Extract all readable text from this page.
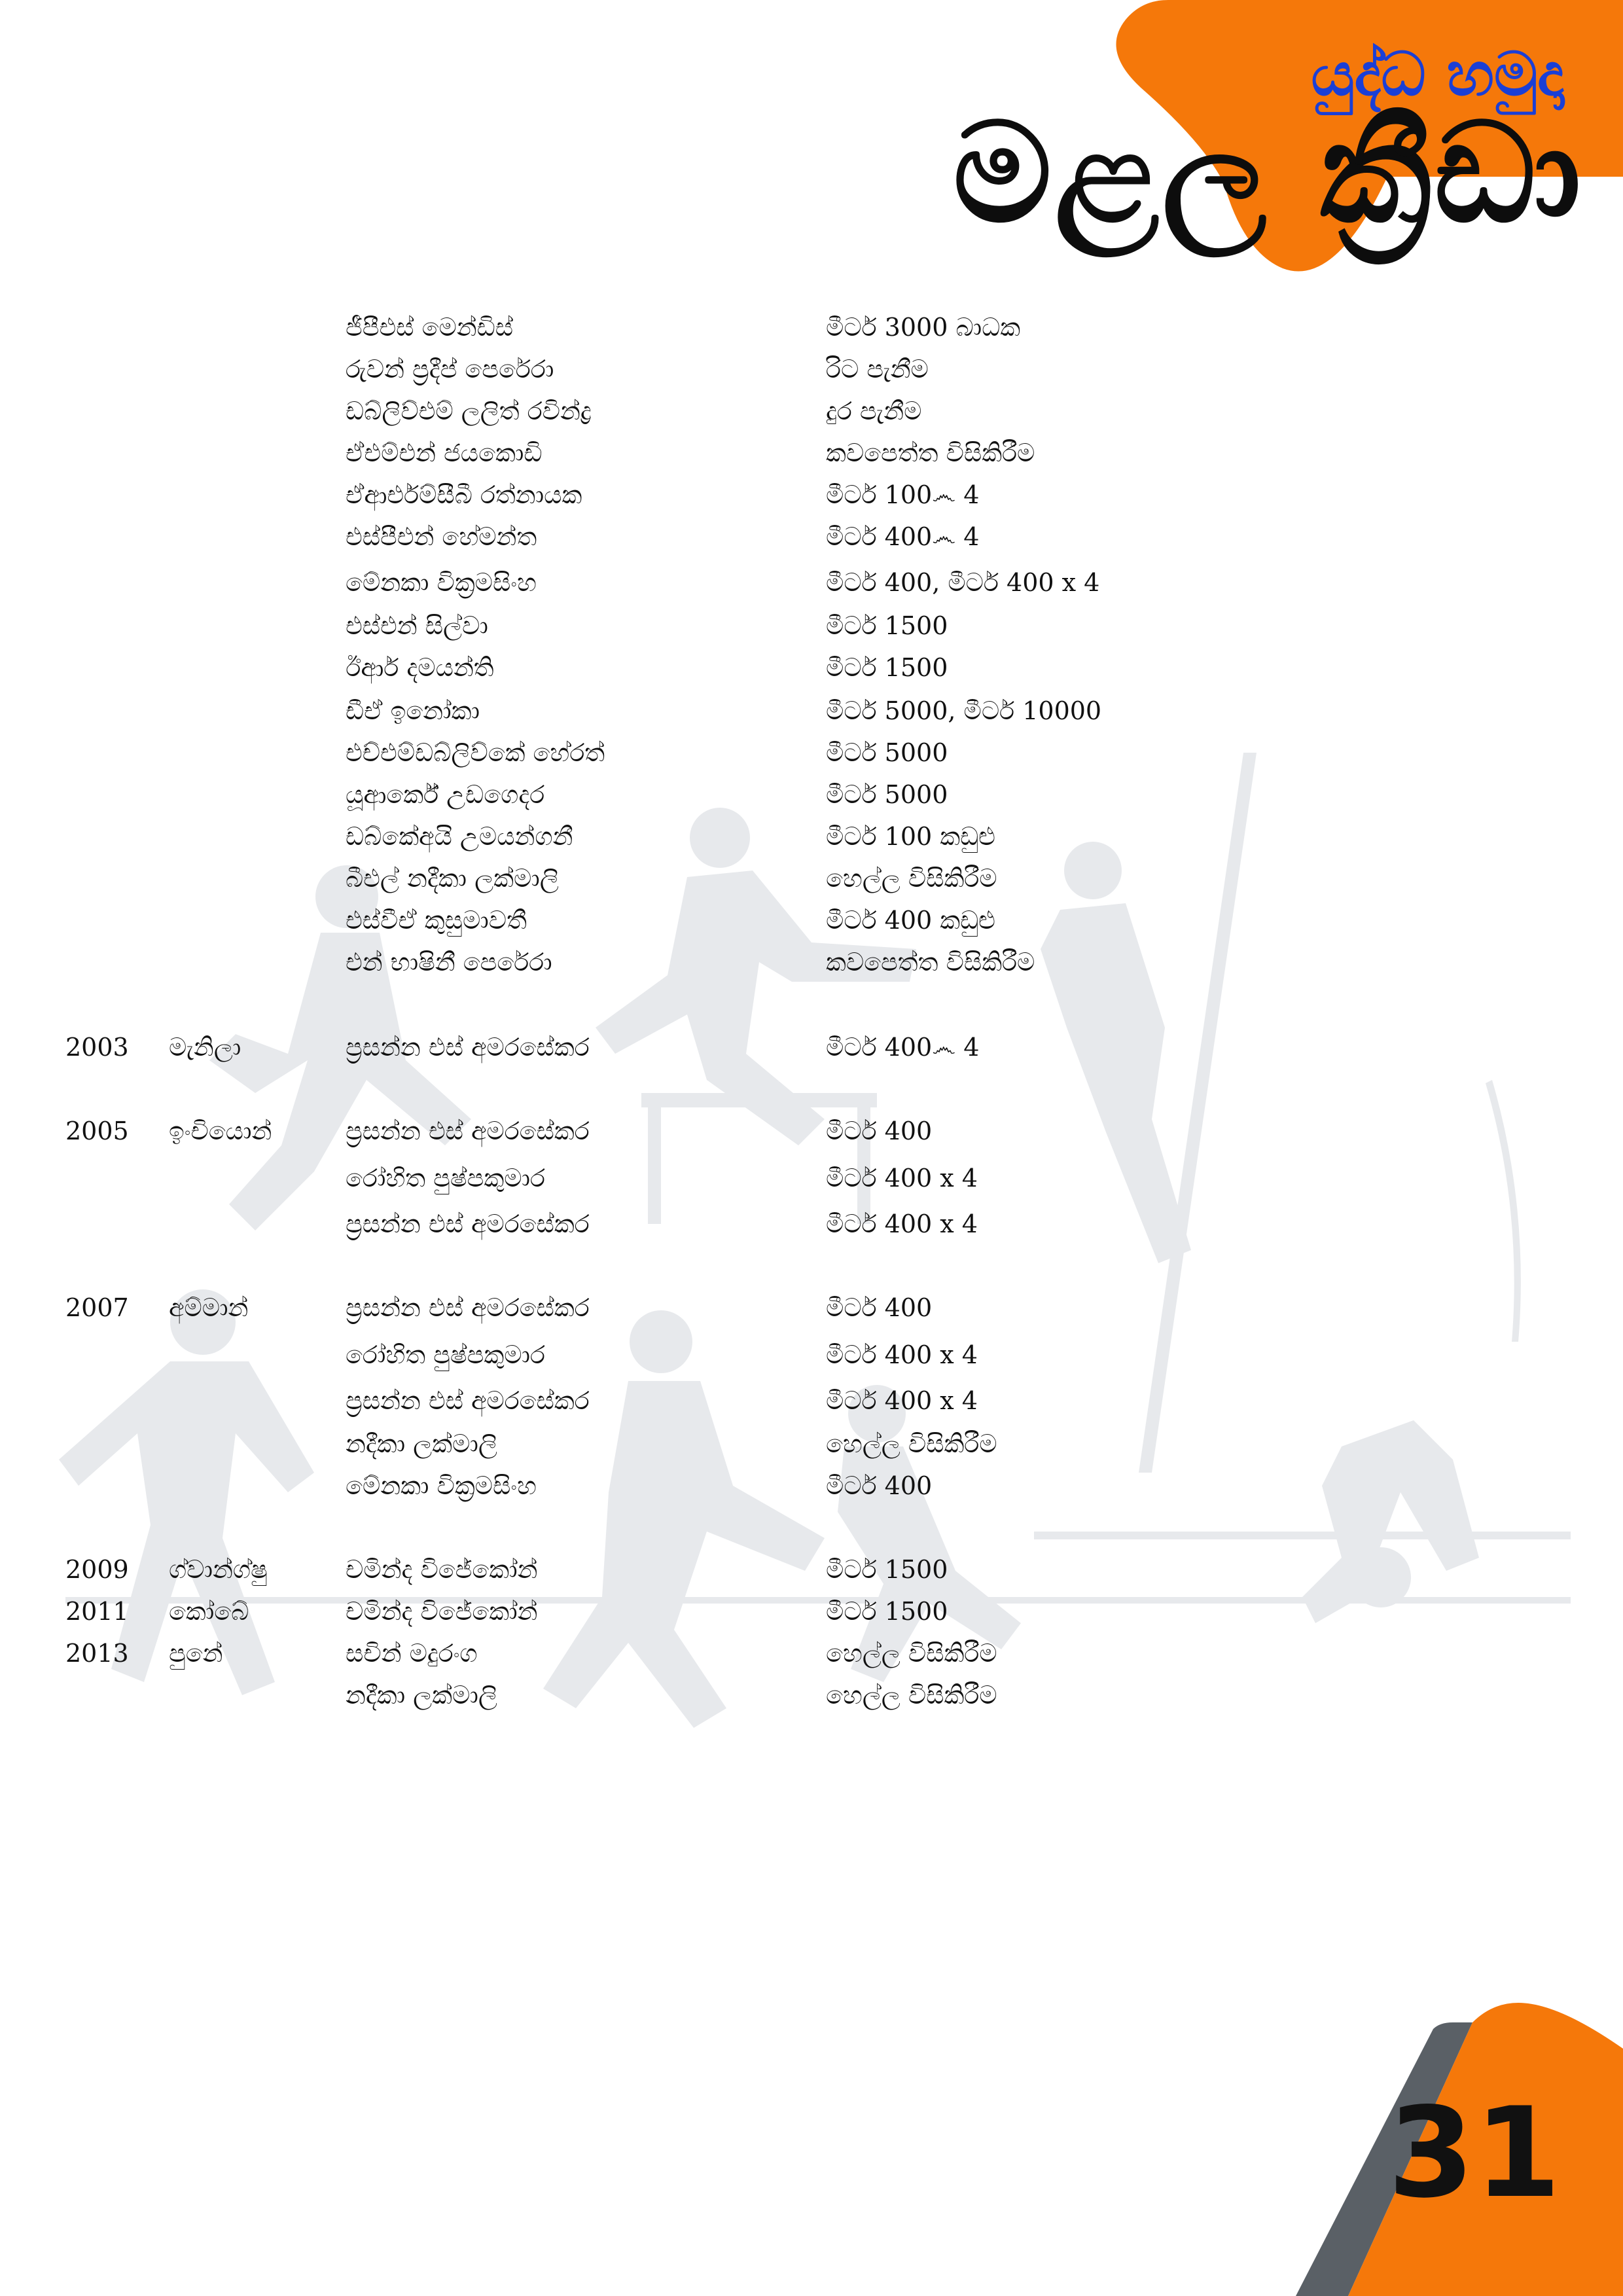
යුද්ධ හමුදා
මළල ක්‍රීඩා
ජීපීඑස් මෙන්ඩිස්	මීටර් 3000 බාධක
රුවන් ප්‍රදීප් පෙරේරා	රිට පැනීම
ඩබ්ලිව්එම් ලලිත් රවින්ද්‍ර	දුර පැනීම
ඒඑම්එන් ජයකොඩි	කවපෙත්ත විසිකිරීම
ඒආර්එම්සීබී රත්නායක	මීටර් 100෴ 4
එස්පීඑන් හේමන්ත	මීටර් 400෴ 4
මේනකා වික්‍රමසිංහ	මීටර් 400, මීටර් 400 x 4
එස්එන් සිල්වා	මීටර් 1500
ඊආර් දමයන්ති	මීටර් 1500
ඩීඒ ඉනෝකා	මීටර් 5000, මීටර් 10000
එච්එම්ඩබ්ලිව්කේ හේරත්	මීටර් 5000
යූආර්කේ උඩගෙදර	මීටර් 5000
ඩබ්කේඅයි උමයන්ගනී	මීටර් 100 කඩුළු
බීඑල් නදීකා ලක්මාලි	හෙල්ල විසිකිරීම
එස්වීඒ කුසුමාවතී	මීටර් 400 කඩුළු
එන් භාෂිනී පෙරේරා	කවපෙත්ත විසිකිරීම
2003 මැනිලා	ප්‍රසන්න එස් අමරසේකර	මීටර් 400෴ 4
2005 ඉංචියොන්	ප්‍රසන්න එස් අමරසේකර	මීටර් 400
රෝහිත පුෂ්පකුමාර	මීටර් 400 x 4
ප්‍රසන්න එස් අමරසේකර	මීටර් 400 x 4
2007 අම්මාන්	ප්‍රසන්න එස් අමරසේකර	මීටර් 400
රෝහිත පුෂ්පකුමාර	මීටර් 400 x 4
ප්‍රසන්න එස් අමරසේකර	මීටර් 400 x 4
නදීකා ලක්මාලි	හෙල්ල විසිකිරීම
මේනකා වික්‍රමසිංහ	මීටර් 400
2009 ග්වාන්ග්ෂු	චමින්ද විජේකෝන්	මීටර් 1500
2011 කෝබේ	චමින්ද විජේකෝන්	මීටර් 1500
2013 පුනේ	සචින් මදුරංග	හෙල්ල විසිකිරීම
නදීකා ලක්මාලි	හෙල්ල විසිකිරීම
31
